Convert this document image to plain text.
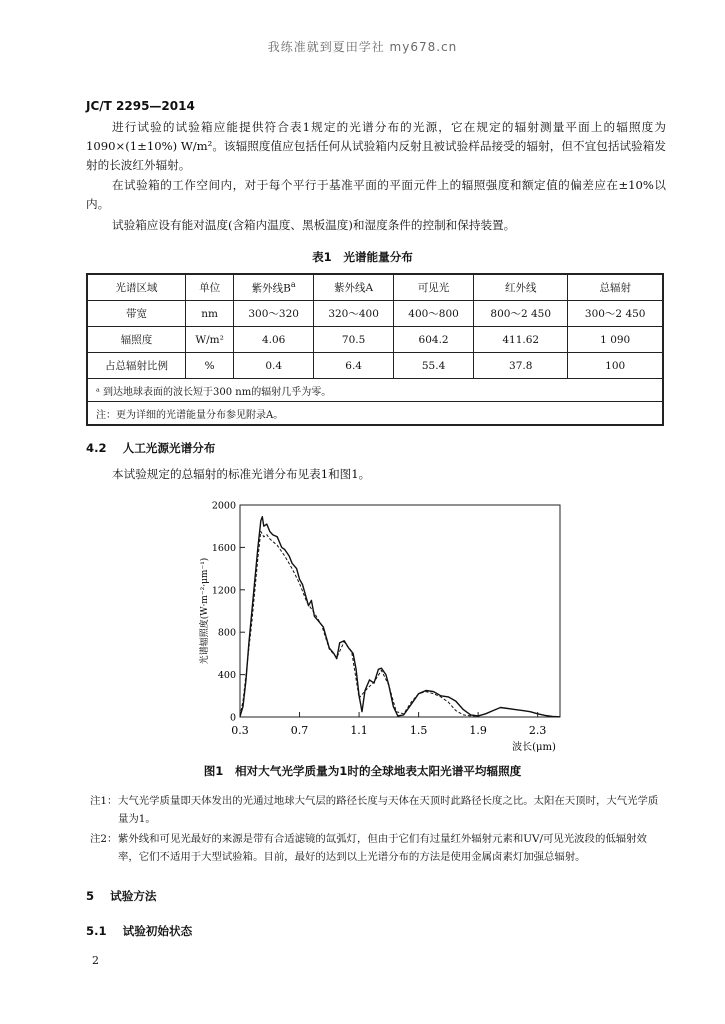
我练准就到夏田学社 my678.cn
JC/T 2295—2014

进行试验的试验箱应能提供符合表1规定的光谱分布的光源，它在规定的辐射测量平面上的辐照度为1090×(1±10%) W/m²。该辐照度值应包括任何从试验箱内反射且被试验样品接受的辐射，但不宜包括试验箱发射的长波红外辐射。

在试验箱的工作空间内，对于每个平行于基准平面的平面元件上的辐照强度和额定值的偏差应在±10%以内。

试验箱应设有能对温度(含箱内温度、黑板温度)和湿度条件的控制和保持装置。

表1　光谱能量分布
光谱区域	单位	紫外线$B^a$	紫外线A	可见光	红外线	总辐射
带宽	nm	300～320	320～400	400～800	800～2 450	300～2 450
辐照度	W/m²	4.06	70.5	604.2	411.62	1 090
占总辐射比例	%	0.4	6.4	55.4	37.8	100
ᵃ 到达地球表面的波长短于300 nm的辐射几乎为零。						
注：更为详细的光谱能量分布参见附录A。						
4.2 人工光源光谱分布

本试验规定的总辐射的标准光谱分布见表1和图1。

0.3	0.7	1.1	1.5	1.9	2.3
0
400
800
1200
1600
2000
光谱辐照度(W·m⁻²·μm⁻¹)
波长(μm)
图1　相对大气光学质量为1时的全球地表太阳光谱平均辐照度
注1： 大气光学质量即天体发出的光通过地球大气层的路径长度与天体在天顶时此路径长度之比。太阳在天顶时，大气光学质量为1。
注2： 紫外线和可见光最好的来源是带有合适滤镜的氙弧灯，但由于它们有过量红外辐射元素和UV/可见光波段的低辐射效率，它们不适用于大型试验箱。目前，最好的达到以上光谱分布的方法是使用金属卤素灯加强总辐射。
5 试验方法
5.1 试验初始状态
2
